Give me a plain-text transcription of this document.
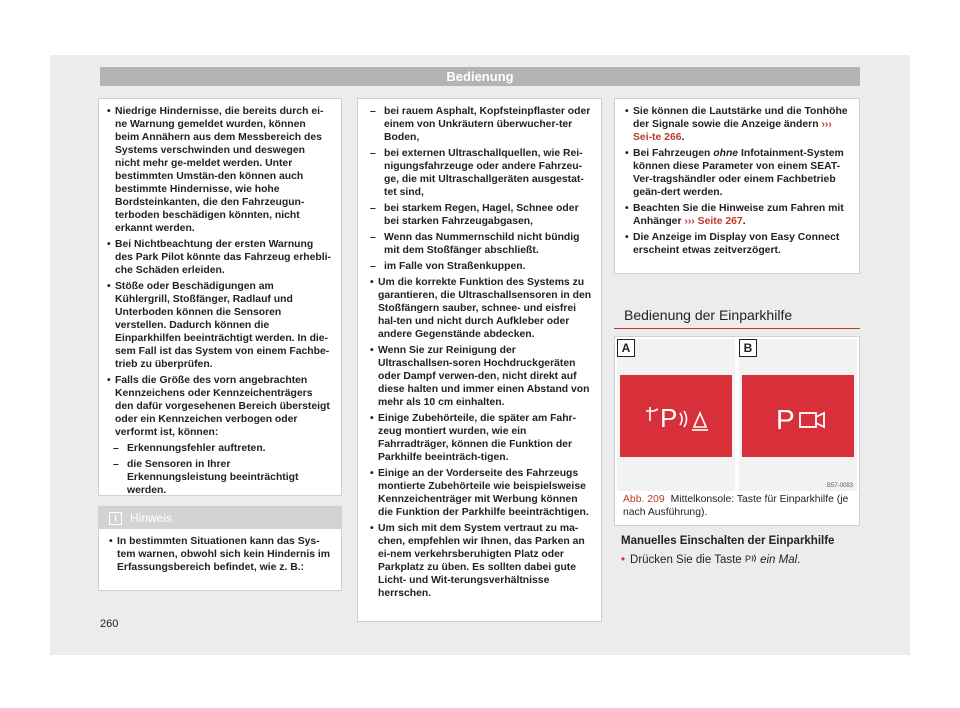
Bedienung

• Niedrige Hindernisse, die bereits durch ei-ne Warnung gemeldet wurden, können beim Annähern aus dem Messbereich des Systems verschwinden und deswegen nicht mehr ge-meldet werden. Unter bestimmten Umstän-den können auch bestimmte Hindernisse, wie hohe Bordsteinkanten, die den Fahrzeugun-terboden beschädigen könnten, nicht erkannt werden.

• Bei Nichtbeachtung der ersten Warnung des Park Pilot könnte das Fahrzeug erhebli-che Schäden erleiden.

• Stöße oder Beschädigungen am Kühlergrill, Stoßfänger, Radlauf und Unterboden können die Sensoren verstellen. Dadurch können die Einparkhilfen beeinträchtigt werden. In die-sem Fall ist das System von einem Fachbe-trieb zu überprüfen.

• Falls die Größe des vorn angebrachten Kennzeichens oder Kennzeichenträgers den dafür vorgesehenen Bereich übersteigt oder ein Kennzeichen verbogen oder verformt ist, können:

– Erkennungsfehler auftreten.

– die Sensoren in Ihrer Erkennungsleistung beeinträchtigt werden.

i	Hinweis

• In bestimmten Situationen kann das Sys-tem warnen, obwohl sich kein Hindernis im Erfassungsbereich befindet, wie z. B.:

– bei rauem Asphalt, Kopfsteinpflaster oder einem von Unkräutern überwucher-ter Boden,

– bei externen Ultraschallquellen, wie Rei-nigungsfahrzeuge oder andere Fahrzeu-ge, die mit Ultraschallgeräten ausgestat-tet sind,

– bei starkem Regen, Hagel, Schnee oder bei starken Fahrzeugabgasen,

– Wenn das Nummernschild nicht bündig mit dem Stoßfänger abschließt.

– im Falle von Straßenkuppen.

• Um die korrekte Funktion des Systems zu garantieren, die Ultraschallsensoren in den Stoßfängern sauber, schnee- und eisfrei hal-ten und nicht durch Aufkleber oder andere Gegenstände abdecken.

• Wenn Sie zur Reinigung der Ultraschallsen-soren Hochdruckgeräten oder Dampf verwen-den, nicht direkt auf diese halten und immer einen Abstand von mehr als 10 cm einhalten.

• Einige Zubehörteile, die später am Fahr-zeug montiert wurden, wie ein Fahrradträger, können die Funktion der Parkhilfe beeinträch-tigen.

• Einige an der Vorderseite des Fahrzeugs montierte Zubehörteile wie beispielsweise Kennzeichenträger mit Werbung können die Funktion der Parkhilfe beeinträchtigen.

• Um sich mit dem System vertraut zu ma-chen, empfehlen wir Ihnen, das Parken an ei-nem verkehrsberuhigten Platz oder Parkplatz zu üben. Es sollten dabei gute Licht- und Wit-terungsverhältnisse herrschen.

• Sie können die Lautstärke und die Tonhöhe der Signale sowie die Anzeige ändern ››› Sei-te 266.

• Bei Fahrzeugen ohne Infotainment-System können diese Parameter von einem SEAT-Ver-tragshändler oder einem Fachbetrieb geän-dert werden.

• Beachten Sie die Hinweise zum Fahren mit Anhänger ››› Seite 267.

• Die Anzeige im Display von Easy Connect erscheint etwas zeitverzögert.

Bedienung der Einparkhilfe
A
P
B
P
B57-0083
Abb. 209 Mittelkonsole: Taste für Einparkhilfe (je nach Ausführung).
Manuelles Einschalten der Einparkhilfe
• Drücken Sie die Taste P ein Mal.
260
